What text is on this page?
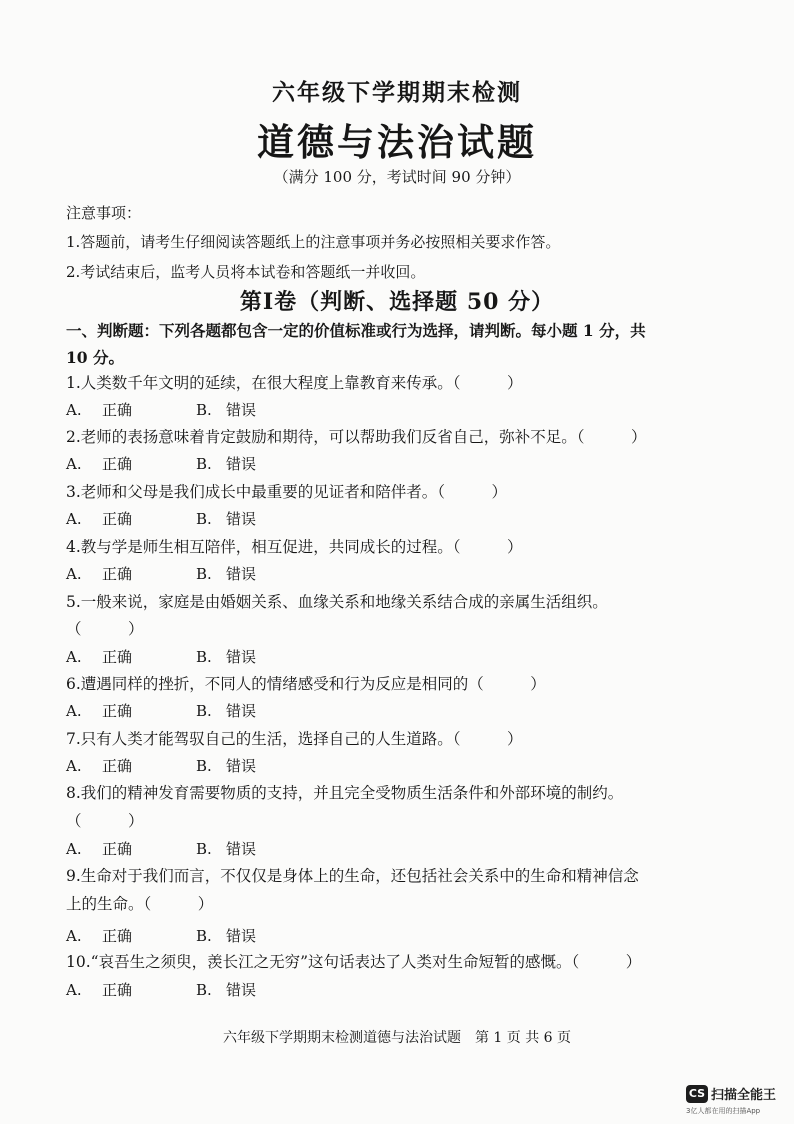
六年级下学期期末检测
道德与法治试题
（满分 100 分，考试时间 90 分钟）
注意事项：
1.答题前，请考生仔细阅读答题纸上的注意事项并务必按照相关要求作答。
2.考试结束后，监考人员将本试卷和答题纸一并收回。
第Ⅰ卷（判断、选择题 50 分）
一、判断题：下列各题都包含一定的价值标准或行为选择，请判断。每小题 1 分，共
10 分。
1.人类数千年文明的延续，在很大程度上靠教育来传承。（　　　）
A. 正确	B. 错误
2.老师的表扬意味着肯定鼓励和期待，可以帮助我们反省自己，弥补不足。（　　　）
A. 正确	B. 错误
3.老师和父母是我们成长中最重要的见证者和陪伴者。（　　　）
A. 正确	B. 错误
4.教与学是师生相互陪伴，相互促进，共同成长的过程。（　　　）
A. 正确	B. 错误
5.一般来说，家庭是由婚姻关系、血缘关系和地缘关系结合成的亲属生活组织。
（　　　）
A. 正确	B. 错误
6.遭遇同样的挫折，不同人的情绪感受和行为反应是相同的（　　　）
A. 正确	B. 错误
7.只有人类才能驾驭自己的生活，选择自己的人生道路。（　　　）
A. 正确	B. 错误
8.我们的精神发育需要物质的支持，并且完全受物质生活条件和外部环境的制约。
（　　　）
A. 正确	B. 错误
9.生命对于我们而言，不仅仅是身体上的生命，还包括社会关系中的生命和精神信念
上的生命。（　　　）
A. 正确	B. 错误
10.“哀吾生之须臾，羡长江之无穷”这句话表达了人类对生命短暂的感慨。（　　　）
A. 正确	B. 错误
六年级下学期期末检测道德与法治试题　第 1 页 共 6 页
CS 扫描全能王
3亿人都在用的扫描App
